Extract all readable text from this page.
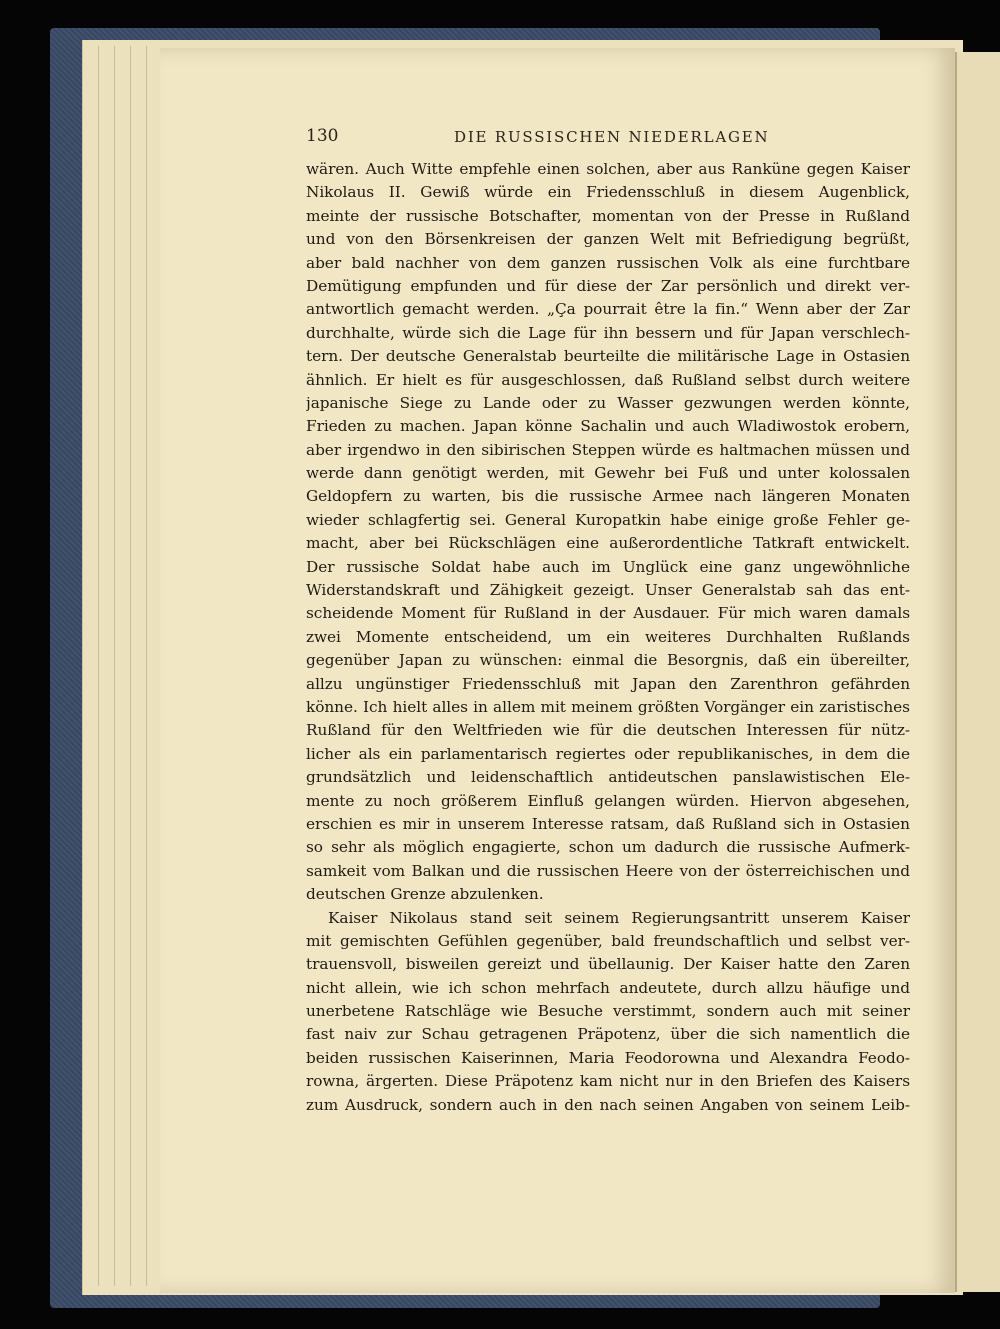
130	DIE RUSSISCHEN NIEDERLAGEN
wären. Auch Witte empfehle einen solchen, aber aus Rankünе gegen Kaiser
Nikolaus II. Gewiß würde ein Friedensschluß in diesem Augenblick,
meinte der russische Botschafter, momentan von der Presse in Rußland
und von den Börsenkreisen der ganzen Welt mit Befriedigung begrüßt,
aber bald nachher von dem ganzen russischen Volk als eine furchtbare
Demütigung empfunden und für diese der Zar persönlich und direkt ver-
antwortlich gemacht werden. „Ça pourrait être la fin.“ Wenn aber der Zar
durchhalte, würde sich die Lage für ihn bessern und für Japan verschlech-
tern. Der deutsche Generalstab beurteilte die militärische Lage in Ostasien
ähnlich. Er hielt es für ausgeschlossen, daß Rußland selbst durch weitere
japanische Siege zu Lande oder zu Wasser gezwungen werden könnte,
Frieden zu machen. Japan könne Sachalin und auch Wladiwostok erobern,
aber irgendwo in den sibirischen Steppen würde es haltmachen müssen und
werde dann genötigt werden, mit Gewehr bei Fuß und unter kolossalen
Geldopfern zu warten, bis die russische Armee nach längeren Monaten
wieder schlagfertig sei. General Kuropatkin habe einige große Fehler ge-
macht, aber bei Rückschlägen eine außerordentliche Tatkraft entwickelt.
Der russische Soldat habe auch im Unglück eine ganz ungewöhnliche
Widerstandskraft und Zähigkeit gezeigt. Unser Generalstab sah das ent-
scheidende Moment für Rußland in der Ausdauer. Für mich waren damals
zwei Momente entscheidend, um ein weiteres Durchhalten Rußlands
gegenüber Japan zu wünschen: einmal die Besorgnis, daß ein übereilter,
allzu ungünstiger Friedensschluß mit Japan den Zarenthron gefährden
könne. Ich hielt alles in allem mit meinem größten Vorgänger ein zaristisches
Rußland für den Weltfrieden wie für die deutschen Interessen für nütz-
licher als ein parlamentarisch regiertes oder republikanisches, in dem die
grundsätzlich und leidenschaftlich antideutschen panslawistischen Ele-
mente zu noch größerem Einfluß gelangen würden. Hiervon abgesehen,
erschien es mir in unserem Interesse ratsam, daß Rußland sich in Ostasien
so sehr als möglich engagierte, schon um dadurch die russische Aufmerk-
samkeit vom Balkan und die russischen Heere von der österreichischen und
deutschen Grenze abzulenken.
Kaiser Nikolaus stand seit seinem Regierungsantritt unserem Kaiser
mit gemischten Gefühlen gegenüber, bald freundschaftlich und selbst ver-
trauensvoll, bisweilen gereizt und übellaunig. Der Kaiser hatte den Zaren
nicht allein, wie ich schon mehrfach andeutete, durch allzu häufige und
unerbetene Ratschläge wie Besuche verstimmt, sondern auch mit seiner
fast naiv zur Schau getragenen Präpotenz, über die sich namentlich die
beiden russischen Kaiserinnen, Maria Feodorowna und Alexandra Feodo-
rowna, ärgerten. Diese Präpotenz kam nicht nur in den Briefen des Kaisers
zum Ausdruck, sondern auch in den nach seinen Angaben von seinem Leib-
